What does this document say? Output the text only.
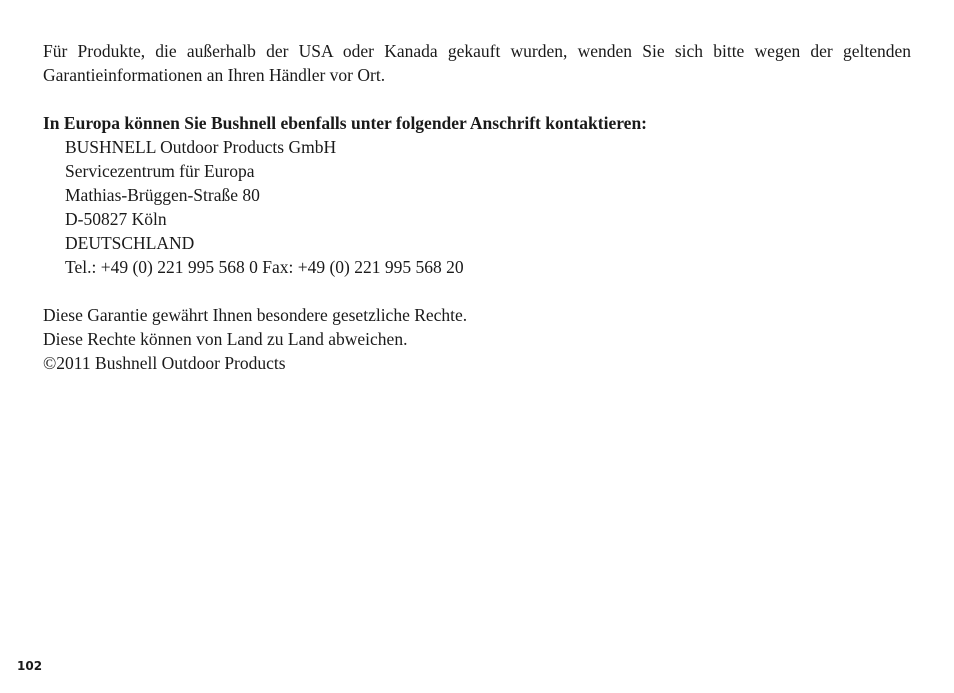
Für Produkte, die außerhalb der USA oder Kanada gekauft wurden, wenden Sie sich bitte wegen der geltenden Garantieinformationen an Ihren Händler vor Ort.

In Europa können Sie Bushnell ebenfalls unter folgender Anschrift kontaktieren:

BUSHNELL Outdoor Products GmbH
Servicezentrum für Europa
Mathias-Brüggen-Straße 80
D-50827 Köln
DEUTSCHLAND
Tel.: +49 (0) 221 995 568 0 Fax: +49 (0) 221 995 568 20
Diese Garantie gewährt Ihnen besondere gesetzliche Rechte.
Diese Rechte können von Land zu Land abweichen.
©2011 Bushnell Outdoor Products
102
